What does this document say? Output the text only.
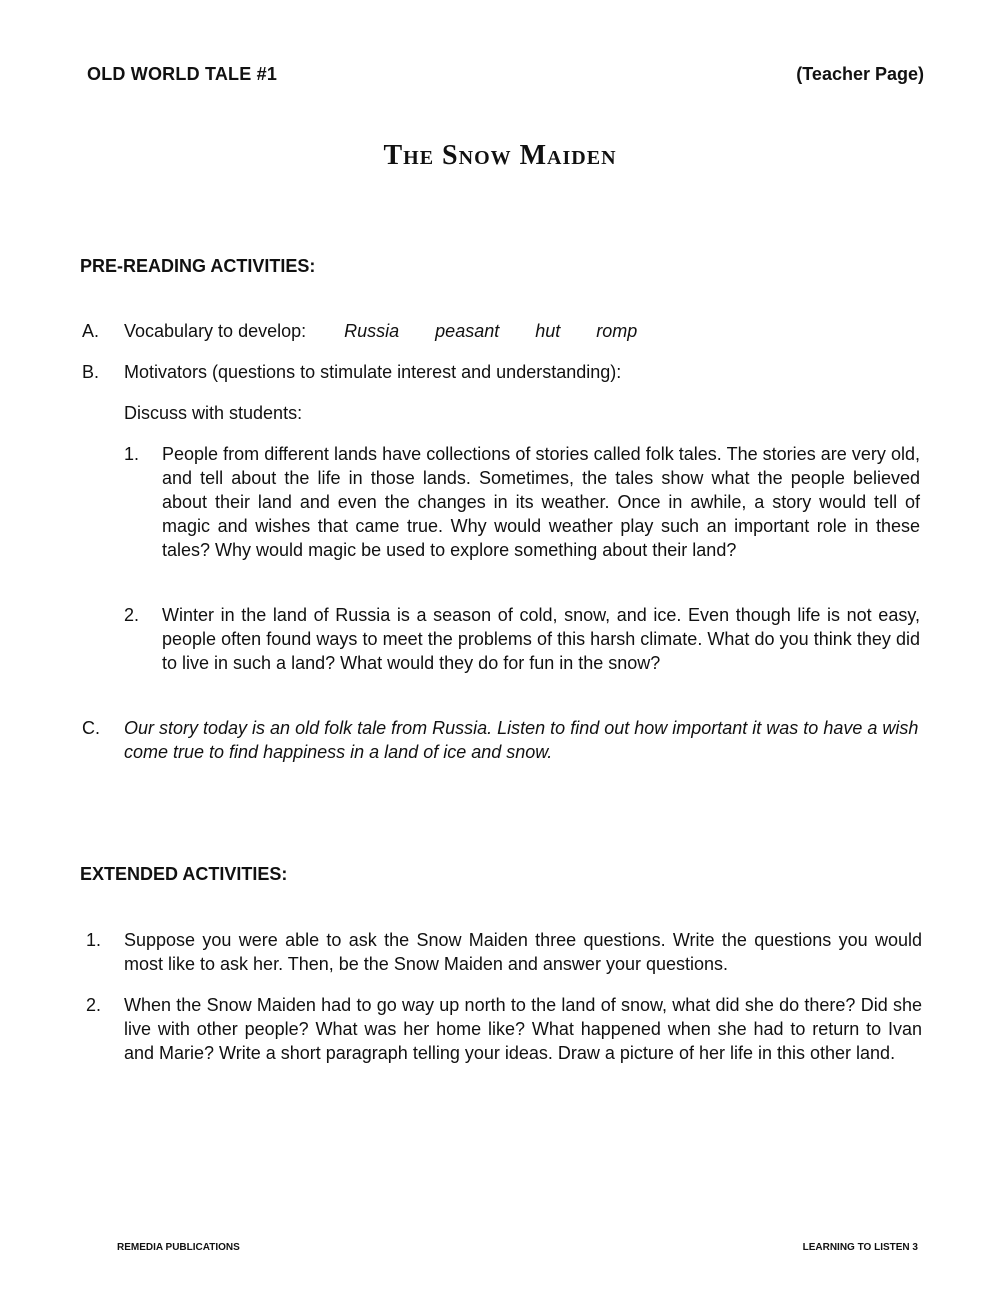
OLD WORLD TALE #1	(Teacher Page)
The Snow Maiden
PRE-READING ACTIVITIES:
A. Vocabulary to develop: Russia peasant hut romp
B. Motivators (questions to stimulate interest and understanding):
Discuss with students:
1. People from different lands have collections of stories called folk tales. The stories are very old, and tell about the life in those lands. Sometimes, the tales show what the people believed about their land and even the changes in its weather. Once in awhile, a story would tell of magic and wishes that came true. Why would weather play such an important role in these tales? Why would magic be used to explore something about their land?
2. Winter in the land of Russia is a season of cold, snow, and ice. Even though life is not easy, people often found ways to meet the problems of this harsh climate. What do you think they did to live in such a land? What would they do for fun in the snow?
C. Our story today is an old folk tale from Russia. Listen to find out how important it was to have a wish come true to find happiness in a land of ice and snow.
EXTENDED ACTIVITIES:
1. Suppose you were able to ask the Snow Maiden three questions. Write the questions you would most like to ask her. Then, be the Snow Maiden and answer your questions.
2. When the Snow Maiden had to go way up north to the land of snow, what did she do there? Did she live with other people? What was her home like? What happened when she had to return to Ivan and Marie? Write a short paragraph telling your ideas. Draw a picture of her life in this other land.
REMEDIA PUBLICATIONS	LEARNING TO LISTEN 3
